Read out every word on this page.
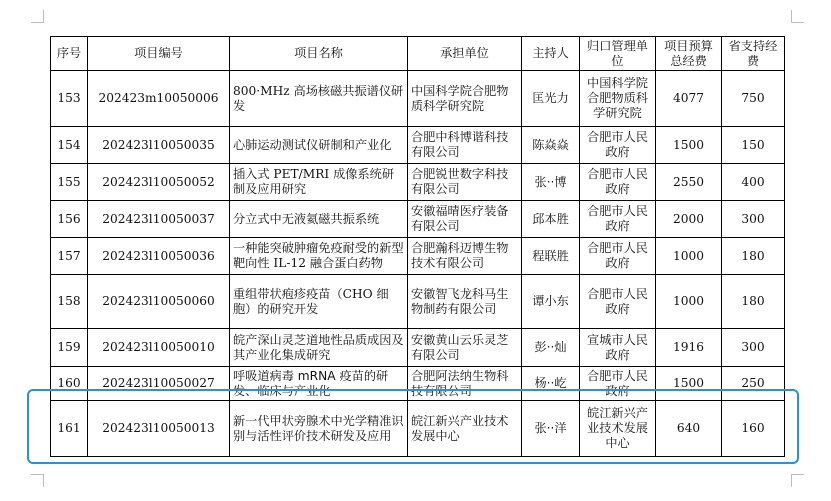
序号	项目编号	项目名称	承担单位	主持人	归口管理单位	项目预算总经费	省支持经费
153	202423m10050006	800·MHz 高场核磁共振谱仪研发	中国科学院合肥物质科学研究院	匡光力	中国科学院合肥物质科学研究院	4077	750
154	202423l10050035	心肺运动测试仪研制和产业化	合肥中科博谐科技有限公司	陈焱焱	合肥市人民政府	1500	150
155	202423l10050052	插入式 PET/MRI 成像系统研制及应用研究	合肥锐世数字科技有限公司	张··博	合肥市人民政府	2550	400
156	202423l10050037	分立式中无液氦磁共振系统	安徽福晴医疗装备有限公司	邱本胜	合肥市人民政府	2000	300
157	202423l10050036	一种能突破肿瘤免疫耐受的新型靶向性 IL-12 融合蛋白药物	合肥瀚科迈博生物技术有限公司	程联胜	合肥市人民政府	1000	180
158	202423l10050060	重组带状疱疹疫苗（CHO 细胞）的研究开发	安徽智飞龙科马生物制药有限公司	谭小东	合肥市人民政府	1000	180
159	202423l10050010	皖产深山灵芝道地性品质成因及其产业化集成研究	安徽黄山云乐灵芝有限公司	彭··灿	宣城市人民政府	1916	300
160	202423l10050027	呼吸道病毒 mRNA 疫苗的研发、临床与产业化	合肥阿法纳生物科技有限公司	杨··屹	合肥市人民政府	1500	250
161	202423l10050013	新一代甲状旁腺术中光学精准识别与活性评价技术研发及应用	皖江新兴产业技术发展中心	张··洋	皖江新兴产业技术发展中心	640	160
